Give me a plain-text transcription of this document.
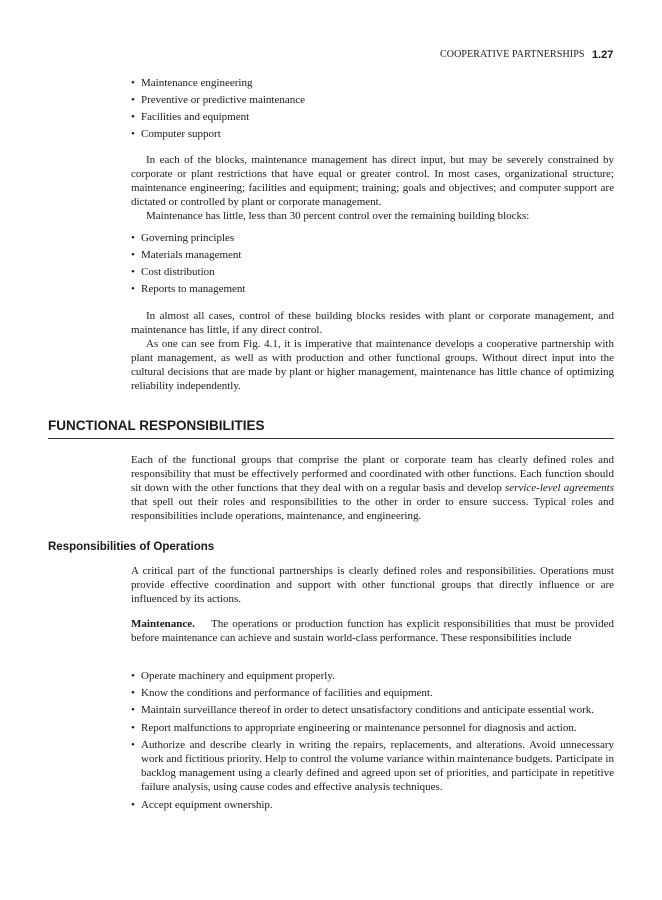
COOPERATIVE PARTNERSHIPS 1.27
• Maintenance engineering
• Preventive or predictive maintenance
• Facilities and equipment
• Computer support
In each of the blocks, maintenance management has direct input, but may be severely constrained by corporate or plant restrictions that have equal or greater control. In most cases, organizational structure; maintenance engineering; facilities and equipment; training; goals and objectives; and computer support are dictated or controlled by plant or corporate management.
Maintenance has little, less than 30 percent control over the remaining building blocks:
• Governing principles
• Materials management
• Cost distribution
• Reports to management
In almost all cases, control of these building blocks resides with plant or corporate management, and maintenance has little, if any direct control.
As one can see from Fig. 4.1, it is imperative that maintenance develops a cooperative partnership with plant management, as well as with production and other functional groups. Without direct input into the cultural decisions that are made by plant or higher management, maintenance has little chance of optimizing reliability independently.
FUNCTIONAL RESPONSIBILITIES
Each of the functional groups that comprise the plant or corporate team has clearly defined roles and responsibility that must be effectively performed and coordinated with other functions. Each function should sit down with the other functions that they deal with on a regular basis and develop service-level agreements that spell out their roles and responsibilities to the other in order to ensure success. Typical roles and responsibilities include operations, maintenance, and engineering.
Responsibilities of Operations
A critical part of the functional partnerships is clearly defined roles and responsibilities. Operations must provide effective coordination and support with other functional groups that directly influence or are influenced by its actions.
Maintenance. The operations or production function has explicit responsibilities that must be provided before maintenance can achieve and sustain world-class performance. These responsibilities include
• Operate machinery and equipment properly.
• Know the conditions and performance of facilities and equipment.
• Maintain surveillance thereof in order to detect unsatisfactory conditions and anticipate essential work.
• Report malfunctions to appropriate engineering or maintenance personnel for diagnosis and action.
• Authorize and describe clearly in writing the repairs, replacements, and alterations. Avoid unnecessary work and fictitious priority. Help to control the volume variance within maintenance budgets. Participate in backlog management using a clearly defined and agreed upon set of priorities, and participate in repetitive failure analysis, using cause codes and effective analysis techniques.
• Accept equipment ownership.
